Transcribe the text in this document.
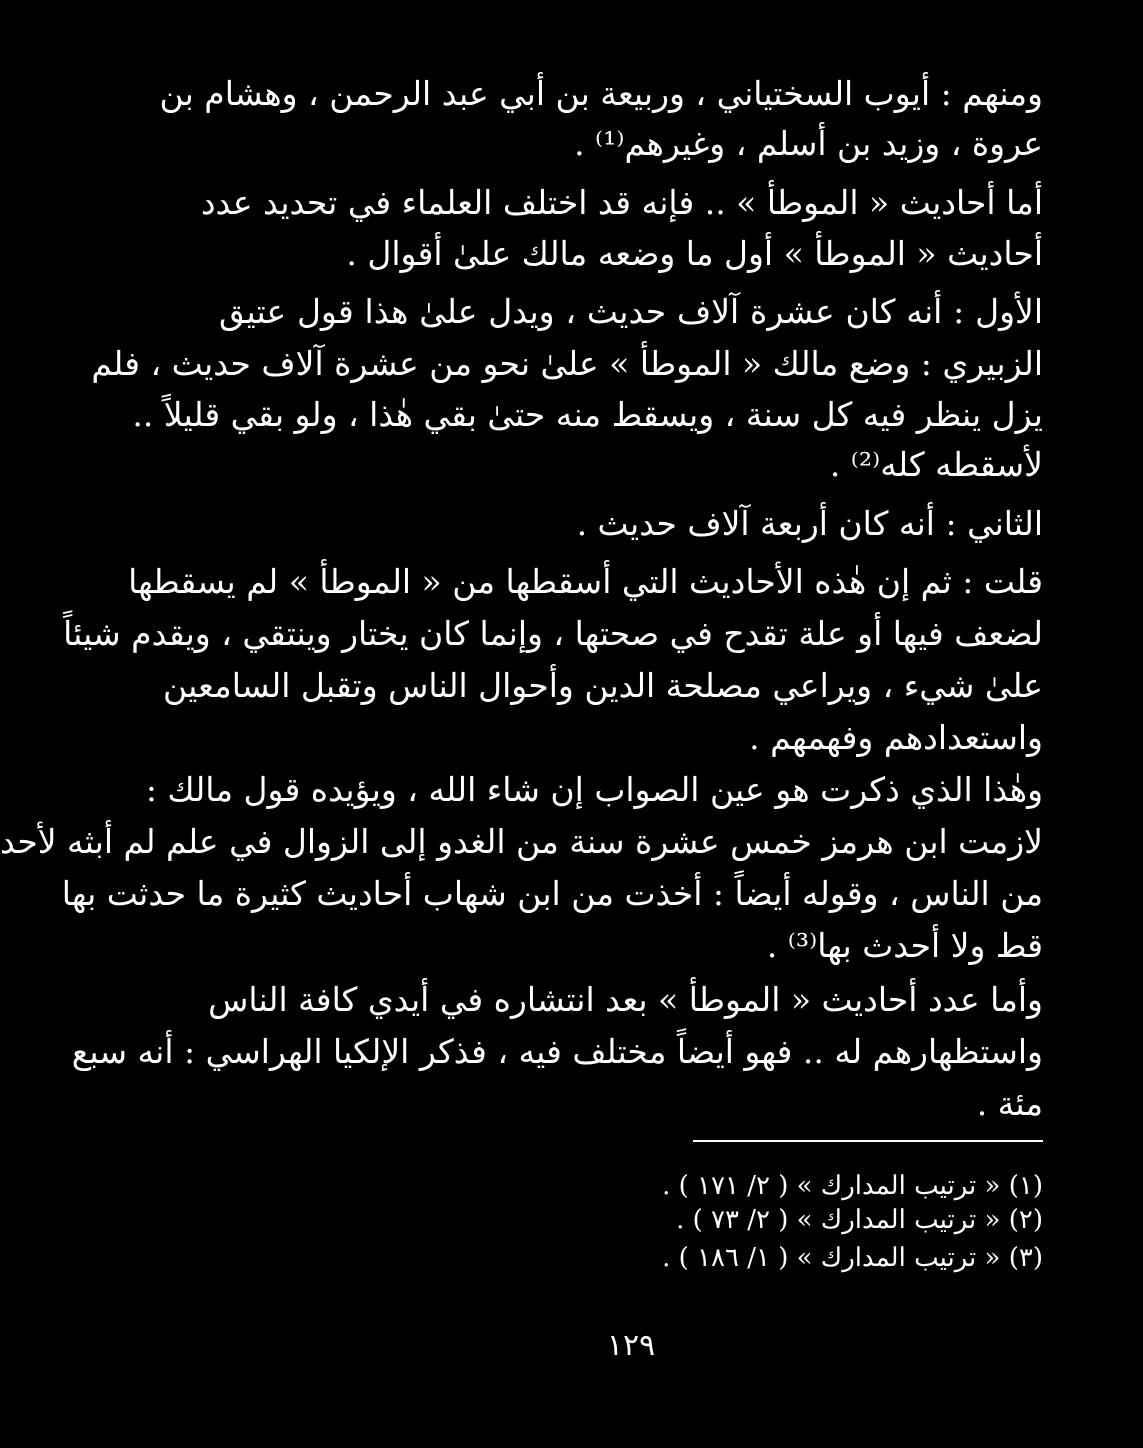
ومنهم : أيوب السختياني ، وربيعة بن أبي عبد الرحمن ، وهشام بن
عروة ، وزيد بن أسلم ، وغيرهم⁽¹⁾ .
أما أحاديث « الموطأ » .. فإنه قد اختلف العلماء في تحديد عدد
أحاديث « الموطأ » أول ما وضعه مالك علىٰ أقوال .
الأول : أنه كان عشرة آلاف حديث ، ويدل علىٰ هذا قول عتيق
الزبيري : وضع مالك « الموطأ » علىٰ نحو من عشرة آلاف حديث ، فلم
يزل ينظر فيه كل سنة ، ويسقط منه حتىٰ بقي هٰذا ، ولو بقي قليلاً ..
لأسقطه كله⁽²⁾ .
الثاني : أنه كان أربعة آلاف حديث .
قلت : ثم إن هٰذه الأحاديث التي أسقطها من « الموطأ » لم يسقطها
لضعف فيها أو علة تقدح في صحتها ، وإنما كان يختار وينتقي ، ويقدم شيئاً
علىٰ شيء ، ويراعي مصلحة الدين وأحوال الناس وتقبل السامعين
واستعدادهم وفهمهم .
وهٰذا الذي ذكرت هو عين الصواب إن شاء الله ، ويؤيده قول مالك :
لازمت ابن هرمز خمس عشرة سنة من الغدو إلى الزوال في علم لم أبثه لأحد
من الناس ، وقوله أيضاً : أخذت من ابن شهاب أحاديث كثيرة ما حدثت بها
قط ولا أحدث بها⁽³⁾ .
وأما عدد أحاديث « الموطأ » بعد انتشاره في أيدي كافة الناس
واستظهارهم له .. فهو أيضاً مختلف فيه ، فذكر الإلكيا الهراسي : أنه سبع
مئة .
(١) « ترتيب المدارك » ( ٢/ ١٧١ ) .
(٢) « ترتيب المدارك » ( ٢/ ٧٣ ) .
(٣) « ترتيب المدارك » ( ١/ ١٨٦ ) .
١٢٩
